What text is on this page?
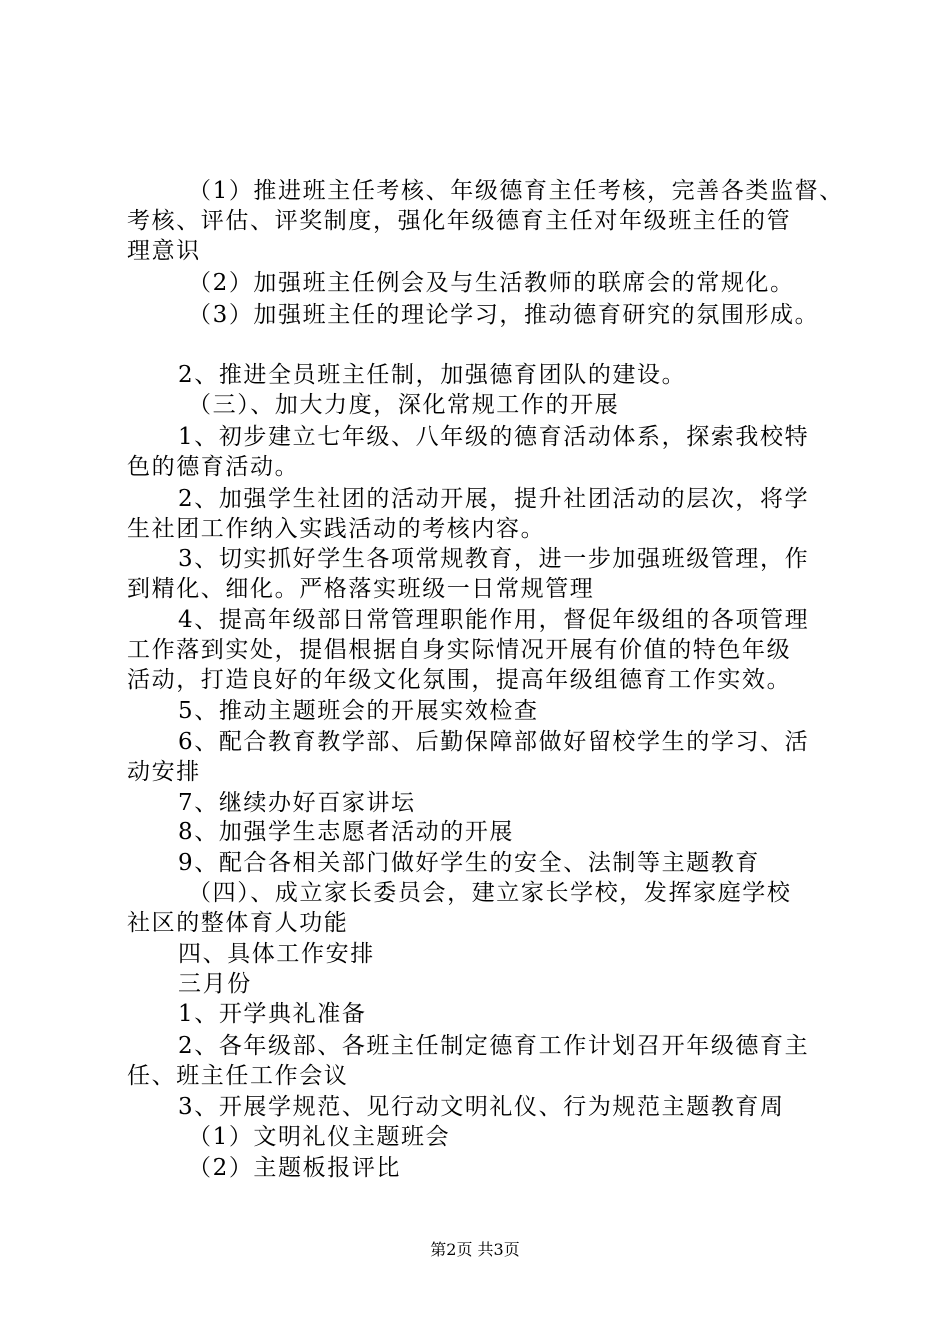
（1）推进班主任考核、年级德育主任考核，完善各类监督、
考核、评估、评奖制度，强化年级德育主任对年级班主任的管
理意识
（2）加强班主任例会及与生活教师的联席会的常规化。
（3）加强班主任的理论学习，推动德育研究的氛围形成。
2、推进全员班主任制，加强德育团队的建设。
（三）、加大力度，深化常规工作的开展
1、初步建立七年级、八年级的德育活动体系，探索我校特
色的德育活动。
2、加强学生社团的活动开展，提升社团活动的层次，将学
生社团工作纳入实践活动的考核内容。
3、切实抓好学生各项常规教育，进一步加强班级管理，作
到精化、细化。严格落实班级一日常规管理
4、提高年级部日常管理职能作用，督促年级组的各项管理
工作落到实处，提倡根据自身实际情况开展有价值的特色年级
活动，打造良好的年级文化氛围，提高年级组德育工作实效。
5、推动主题班会的开展实效检查
6、配合教育教学部、后勤保障部做好留校学生的学习、活
动安排
7、继续办好百家讲坛
8、加强学生志愿者活动的开展
9、配合各相关部门做好学生的安全、法制等主题教育
（四）、成立家长委员会，建立家长学校，发挥家庭学校
社区的整体育人功能
四、具体工作安排
三月份
1、开学典礼准备
2、各年级部、各班主任制定德育工作计划召开年级德育主
任、班主任工作会议
3、开展学规范、见行动文明礼仪、行为规范主题教育周
（1）文明礼仪主题班会
（2）主题板报评比
第2页 共3页
